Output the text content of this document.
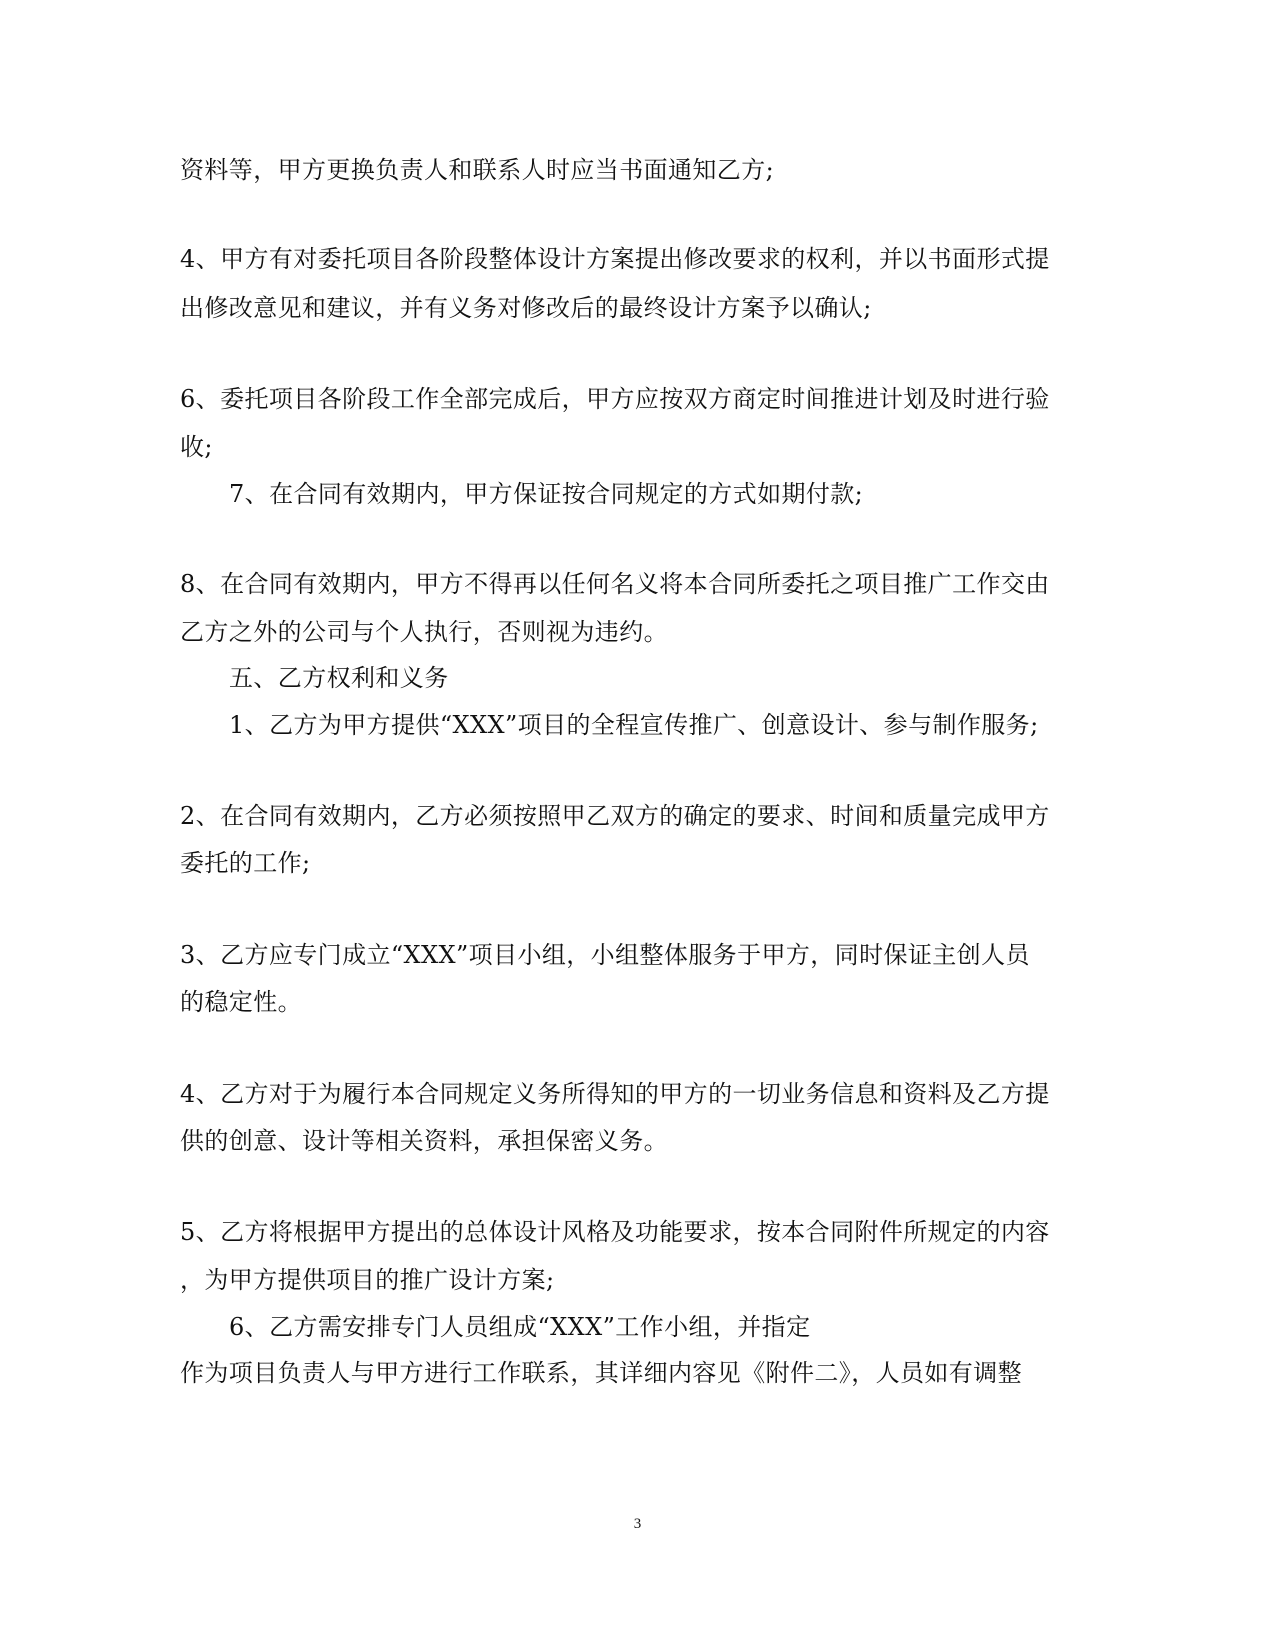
资料等，甲方更换负责人和联系人时应当书面通知乙方;
4、甲方有对委托项目各阶段整体设计方案提出修改要求的权利，并以书面形式提
出修改意见和建议，并有义务对修改后的最终设计方案予以确认;
6、委托项目各阶段工作全部完成后，甲方应按双方商定时间推进计划及时进行验
收;
7、在合同有效期内，甲方保证按合同规定的方式如期付款;
8、在合同有效期内，甲方不得再以任何名义将本合同所委托之项目推广工作交由
乙方之外的公司与个人执行，否则视为违约。
五、乙方权利和义务
1、乙方为甲方提供“XXX”项目的全程宣传推广、创意设计、参与制作服务;
2、在合同有效期内，乙方必须按照甲乙双方的确定的要求、时间和质量完成甲方
委托的工作;
3、乙方应专门成立“XXX”项目小组，小组整体服务于甲方，同时保证主创人员
的稳定性。
4、乙方对于为履行本合同规定义务所得知的甲方的一切业务信息和资料及乙方提
供的创意、设计等相关资料，承担保密义务。
5、乙方将根据甲方提出的总体设计风格及功能要求，按本合同附件所规定的内容
，为甲方提供项目的推广设计方案;
6、乙方需安排专门人员组成“XXX”工作小组，并指定
作为项目负责人与甲方进行工作联系，其详细内容见《附件二》，人员如有调整
3
